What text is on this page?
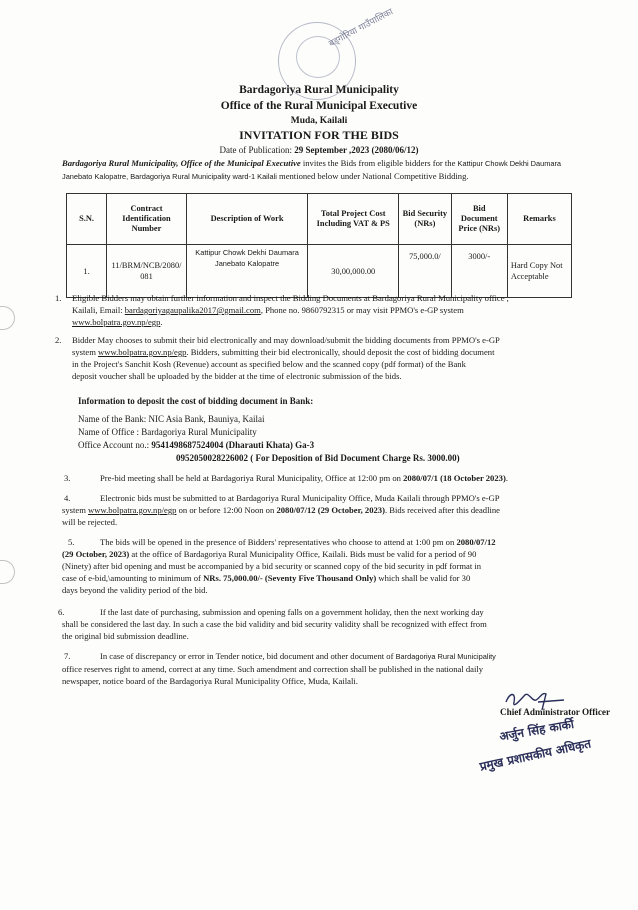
बड्गोरिया गाउँपालिका
Bardagoriya Rural Municipality
Office of the Rural Municipal Executive
Muda, Kailali
INVITATION FOR THE BIDS
Date of Publication: 29 September ,2023 (2080/06/12)
Bardagoriya Rural Municipality, Office of the Municipal Executive invites the Bids from eligible bidders for the Kattipur Chowk Dekhi Daumara Janebato Kalopatre, Bardagoriya Rural Municipality ward-1 Kailali mentioned below under National Competitive Bidding.
S.N.	Contract Identification Number	Description of Work	Total Project Cost Including VAT & PS	Bid Security (NRs)	Bid Document Price (NRs)	Remarks
1.	11/BRM/NCB/2080/081	Kattipur Chowk Dekhi Daumara Janebato Kalopatre	30,00,000.00	75,000.0/	3000/-	Hard Copy Not Acceptable
1.	Eligible Bidders may obtain further information and inspect the Bidding Documents at Bardagoriya Rural Municipality office ,
Kailali, Email: bardagoriyagaupalika2017@gmail.com, Phone no. 9860792315 or may visit PPMO's e-GP system
www.bolpatra.gov.np/egp.
2.	Bidder May chooses to submit their bid electronically and may download/submit the bidding documents from PPMO's e-GP
system www.bolpatra.gov.np/egp. Bidders, submitting their bid electronically, should deposit the cost of bidding document
in the Project's Sanchit Kosh (Revenue) account as specified below and the scanned copy (pdf format) of the Bank
deposit voucher shall be uploaded by the bidder at the time of electronic submission of the bids.
Information to deposit the cost of bidding document in Bank:
Name of the Bank: NIC Asia Bank, Bauniya, Kailai
Name of Office : Bardagoriya Rural Municipality
Office Account no.: 9541498687524004 (Dharauti Khata) Ga-3
0952050028226002 ( For Deposition of Bid Document Charge Rs. 3000.00)
3.	Pre-bid meeting shall be held at Bardagoriya Rural Municipality, Office at 12:00 pm on 2080/07/1 (18 October 2023).
4.	Electronic bids must be submitted to at Bardagoriya Rural Municipality Office, Muda Kailali through PPMO's e-GP
system www.bolpatra.gov.np/egp on or before 12:00 Noon on 2080/07/12 (29 October, 2023). Bids received after this deadline
will be rejected.
5.	The bids will be opened in the presence of Bidders' representatives who choose to attend at 1:00 pm on 2080/07/12
(29 October, 2023) at the office of Bardagoriya Rural Municipality Office, Kailali. Bids must be valid for a period of 90
(Ninety) after bid opening and must be accompanied by a bid security or scanned copy of the bid security in pdf format in
case of e-bid,\amounting to minimum of NRs. 75,000.00/- (Seventy Five Thousand Only) which shall be valid for 30
days beyond the validity period of the bid.
6.	If the last date of purchasing, submission and opening falls on a government holiday, then the next working day
shall be considered the last day. In such a case the bid validity and bid security validity shall be recognized with effect from
the original bid submission deadline.
7.	In case of discrepancy or error in Tender notice, bid document and other document of Bardagoriya Rural Municipality
office reserves right to amend, correct at any time. Such amendment and correction shall be published in the national daily
newspaper, notice board of the Bardagoriya Rural Municipality Office, Muda, Kailali.
Chief Administrator Officer
अर्जुन सिंह कार्की
प्रमुख प्रशासकीय अधिकृत
